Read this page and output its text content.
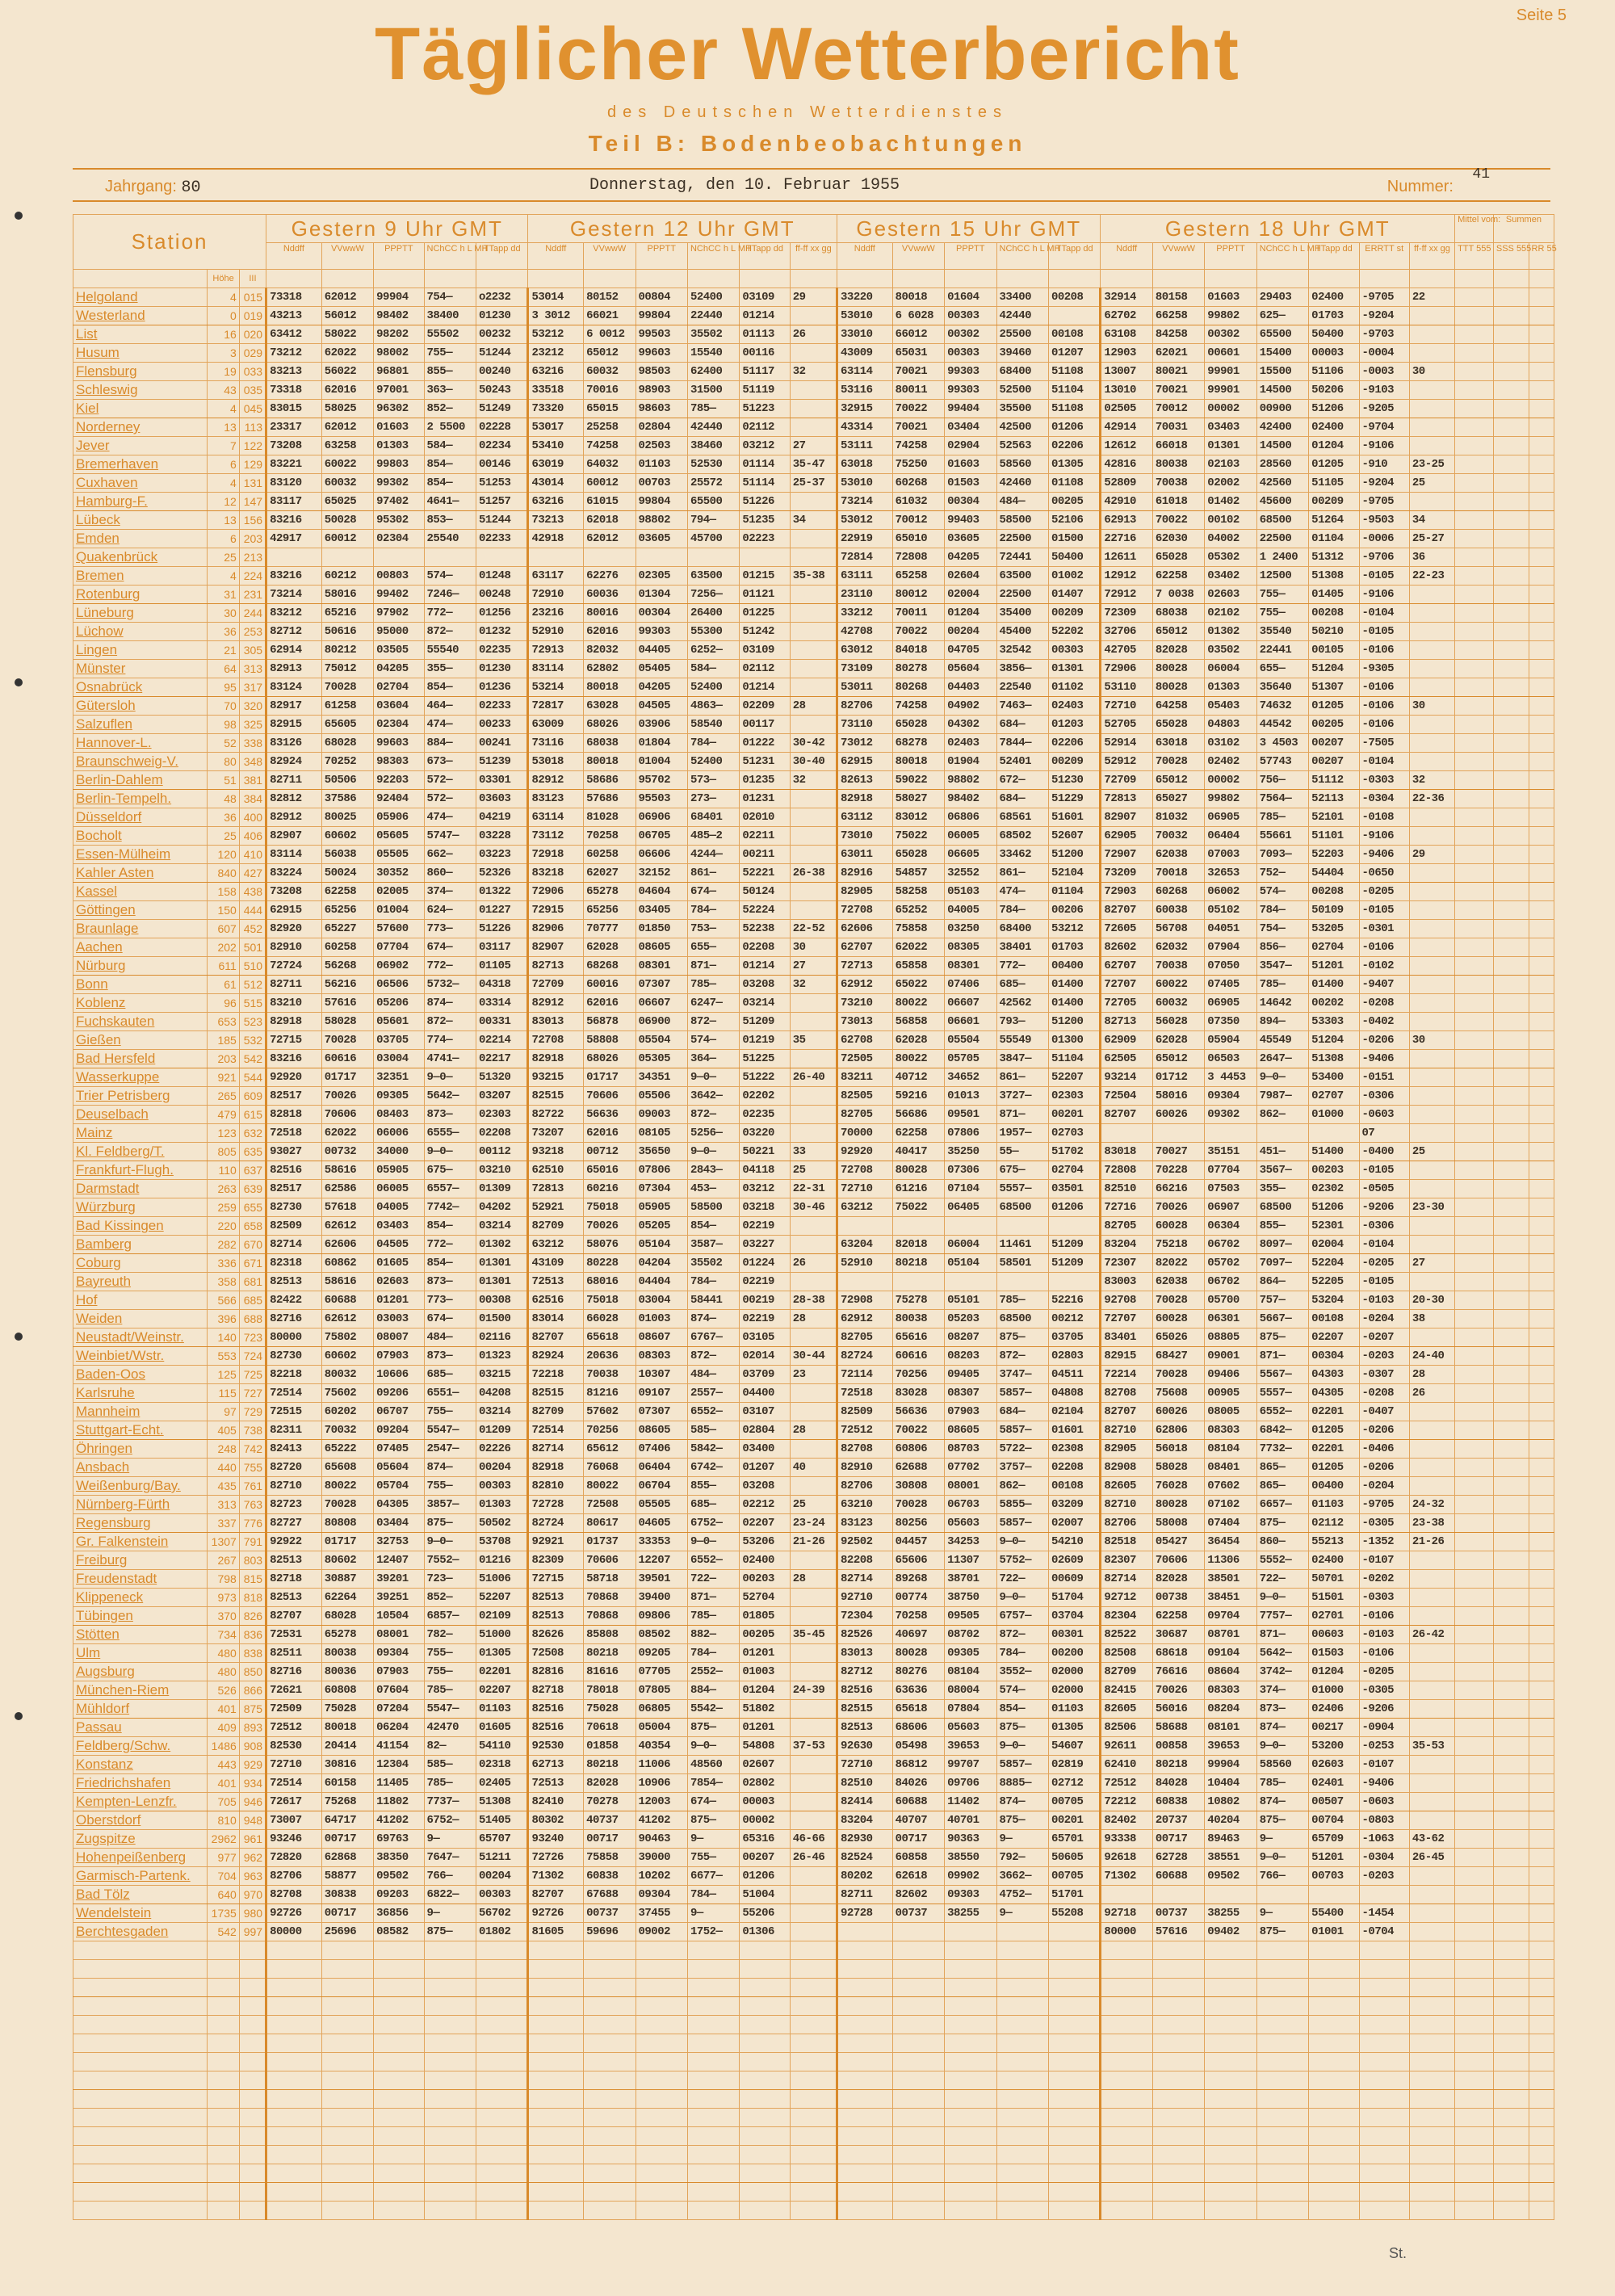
Seite 5
Täglicher Wetterbericht
des Deutschen Wetterdienstes
Teil B: Bodenbeobachtungen
Jahrgang: 80	Donnerstag, den 10. Februar 1955	Nummer:
41
Station			Gestern 9 Uhr GMT					Gestern 12 Uhr GMT						Gestern 15 Uhr GMT					Gestern 18 Uhr GMT							Mittel vom:	Summen	
			Nddff	VVwwW	PPPTT	NChCC h L MH	TTapp dd	Nddff	VVwwW	PPPTT	NChCC h L MH	TTapp dd	ff-ff xx gg	Nddff	VVwwW	PPPTT	NChCC h L MH	TTapp dd	Nddff	VVwwW	PPPTT	NChCC h L MH	TTapp dd	ERRTT st	ff-ff xx gg	TTT 555	SSS 555	RR 55
	Höhe	III																										
Helgoland	4	015	73318	62012	99904	754—	o2232	53014	80152	00804	52400	03109	29	33220	80018	01604	33400	00208	32914	80158	01603	29403	02400	-9705	22			
Westerland	0	019	43213	56012	98402	38400	01230	3 3012	66021	99804	22440	01214		53010	6 6028	00303	42440		62702	66258	99802	625—	01703	-9204				
List	16	020	63412	58022	98202	55502	00232	53212	6 0012	99503	35502	01113	26	33010	66012	00302	25500	00108	63108	84258	00302	65500	50400	-9703				
Husum	3	029	73212	62022	98002	755—	51244	23212	65012	99603	15540	00116		43009	65031	00303	39460	01207	12903	62021	00601	15400	00003	-0004				
Flensburg	19	033	83213	56022	96801	855—	00240	63216	60032	98503	62400	51117	32	63114	70021	99303	68400	51108	13007	80021	99901	15500	51106	-0003	30			
Schleswig	43	035	73318	62016	97001	363—	50243	33518	70016	98903	31500	51119		53116	80011	99303	52500	51104	13010	70021	99901	14500	50206	-9103				
Kiel	4	045	83015	58025	96302	852—	51249	73320	65015	98603	785—	51223		32915	70022	99404	35500	51108	02505	70012	00002	00900	51206	-9205				
Norderney	13	113	23317	62012	01603	2 5500	02228	53017	25258	02804	42440	02112		43314	70021	03404	42500	01206	42914	70031	03403	42400	02400	-9704				
Jever	7	122	73208	63258	01303	584—	02234	53410	74258	02503	38460	03212	27	53111	74258	02904	52563	02206	12612	66018	01301	14500	01204	-9106				
Bremerhaven	6	129	83221	60022	99803	854—	00146	63019	64032	01103	52530	01114	35-47	63018	75250	01603	58560	01305	42816	80038	02103	28560	01205	-910	23-25			
Cuxhaven	4	131	83120	60032	99302	854—	51253	43014	60012	00703	25572	51114	25-37	53010	60268	01503	42460	01108	52809	70038	02002	42560	51105	-9204	25			
Hamburg-F.	12	147	83117	65025	97402	4641—	51257	63216	61015	99804	65500	51226		73214	61032	00304	484—	00205	42910	61018	01402	45600	00209	-9705				
Lübeck	13	156	83216	50028	95302	853—	51244	73213	62018	98802	794—	51235	34	53012	70012	99403	58500	52106	62913	70022	00102	68500	51264	-9503	34			
Emden	6	203	42917	60012	02304	25540	02233	42918	62012	03605	45700	02223		22919	65010	03605	22500	01500	22716	62030	04002	22500	01104	-0006	25-27			
Quakenbrück	25	213												72814	72808	04205	72441	50400	12611	65028	05302	1 2400	51312	-9706	36			
Bremen	4	224	83216	60212	00803	574—	01248	63117	62276	02305	63500	01215	35-38	63111	65258	02604	63500	01002	12912	62258	03402	12500	51308	-0105	22-23			
Rotenburg	31	231	73214	58016	99402	7246—	00248	72910	60036	01304	7256—	01121		23110	80012	02004	22500	01407	72912	7 0038	02603	755—	01405	-9106				
Lüneburg	30	244	83212	65216	97902	772—	01256	23216	80016	00304	26400	01225		33212	70011	01204	35400	00209	72309	68038	02102	755—	00208	-0104				
Lüchow	36	253	82712	50616	95000	872—	01232	52910	62016	99303	55300	51242		42708	70022	00204	45400	52202	32706	65012	01302	35540	50210	-0105				
Lingen	21	305	62914	80212	03505	55540	02235	72913	82032	04405	6252—	03109		63012	84018	04705	32542	00303	42705	82028	03502	22441	00105	-0106				
Münster	64	313	82913	75012	04205	355—	01230	83114	62802	05405	584—	02112		73109	80278	05604	3856—	01301	72906	80028	06004	655—	51204	-9305				
Osnabrück	95	317	83124	70028	02704	854—	01236	53214	80018	04205	52400	01214		53011	80268	04403	22540	01102	53110	80028	01303	35640	51307	-0106				
Gütersloh	70	320	82917	61258	03604	464—	02233	72817	63028	04505	4863—	02209	28	82706	74258	04902	7463—	02403	72710	64258	05403	74632	01205	-0106	30			
Salzuflen	98	325	82915	65605	02304	474—	00233	63009	68026	03906	58540	00117		73110	65028	04302	684—	01203	52705	65028	04803	44542	00205	-0106				
Hannover-L.	52	338	83126	68028	99603	884—	00241	73116	68038	01804	784—	01222	30-42	73012	68278	02403	7844—	02206	52914	63018	03102	3 4503	00207	-7505				
Braunschweig-V.	80	348	82924	70252	98303	673—	51239	53018	80018	01004	52400	51231	30-40	62915	80018	01904	52401	00209	52912	70028	02402	57743	00207	-0104				
Berlin-Dahlem	51	381	82711	50506	92203	572—	03301	82912	58686	95702	573—	01235	32	82613	59022	98802	672—	51230	72709	65012	00002	756—	51112	-0303	32			
Berlin-Tempelh.	48	384	82812	37586	92404	572—	03603	83123	57686	95503	273—	01231		82918	58027	98402	684—	51229	72813	65027	99802	7564—	52113	-0304	22-36			
Düsseldorf	36	400	82912	80025	05906	474—	04219	63114	81028	06906	68401	02010		63112	83012	06806	68561	51601	82907	81032	06905	785—	52101	-0108				
Bocholt	25	406	82907	60602	05605	5747—	03228	73112	70258	06705	485—2	02211		73010	75022	06005	68502	52607	62905	70032	06404	55661	51101	-9106				
Essen-Mülheim	120	410	83114	56038	05505	662—	03223	72918	60258	06606	4244—	00211		63011	65028	06605	33462	51200	72907	62038	07003	7093—	52203	-9406	29			
Kahler Asten	840	427	83224	50024	30352	860—	52326	83218	62027	32152	861—	52221	26-38	82916	54857	32552	861—	52104	73209	70018	32653	752—	54404	-0650				
Kassel	158	438	73208	62258	02005	374—	01322	72906	65278	04604	674—	50124		82905	58258	05103	474—	01104	72903	60268	06002	574—	00208	-0205				
Göttingen	150	444	62915	65256	01004	624—	01227	72915	65256	03405	784—	52224		72708	65252	04005	784—	00206	82707	60038	05102	784—	50109	-0105				
Braunlage	607	452	82920	65227	57600	773—	51226	82906	70777	01850	753—	52238	22-52	62606	75858	03250	68400	53212	72605	56708	04051	754—	53205	-0301				
Aachen	202	501	82910	60258	07704	674—	03117	82907	62028	08605	655—	02208	30	62707	62022	08305	38401	01703	82602	62032	07904	856—	02704	-0106				
Nürburg	611	510	72724	56268	06902	772—	01105	82713	68268	08301	871—	01214	27	72713	65858	08301	772—	00400	62707	70038	07050	3547—	51201	-0102				
Bonn	61	512	82711	56216	06506	5732—	04318	72709	60016	07307	785—	03208	32	62912	65022	07406	685—	01400	72707	60022	07405	785—	01400	-9407				
Koblenz	96	515	83210	57616	05206	874—	03314	82912	62016	06607	6247—	03214		73210	80022	06607	42562	01400	72705	60032	06905	14642	00202	-0208				
Fuchskauten	653	523	82918	58028	05601	872—	00331	83013	56878	06900	872—	51209		73013	56858	06601	793—	51200	82713	56028	07350	894—	53303	-0402				
Gießen	185	532	72715	70028	03705	774—	02214	72708	58808	05504	574—	01219	35	62708	62028	05504	55549	01300	62909	62028	05904	45549	51204	-0206	30			
Bad Hersfeld	203	542	83216	60616	03004	4741—	02217	82918	68026	05305	364—	51225		72505	80022	05705	3847—	51104	62505	65012	06503	2647—	51308	-9406				
Wasserkuppe	921	544	92920	01717	32351	9—0—	51320	93215	01717	34351	9—0—	51222	26-40	83211	40712	34652	861—	52207	93214	01712	3 4453	9—0—	53400	-0151				
Trier Petrisberg	265	609	82517	70026	09305	5642—	03207	82515	70606	05506	3642—	02202		82505	59216	01013	3727—	02303	72504	58016	09304	7987—	02707	-0306				
Deuselbach	479	615	82818	70606	08403	873—	02303	82722	56636	09003	872—	02235		82705	56686	09501	871—	00201	82707	60026	09302	862—	01000	-0603				
Mainz	123	632	72518	62022	06006	6555—	02208	73207	62016	08105	5256—	03220		70000	62258	07806	1957—	02703						07				
Kl. Feldberg/T.	805	635	93027	00732	34000	9—0—	00112	93218	00712	35650	9—0—	50221	33	92920	40417	35250	55—	51702	83018	70027	35151	451—	51400	-0400	25			
Frankfurt-Flugh.	110	637	82516	58616	05905	675—	03210	62510	65016	07806	2843—	04118	25	72708	80028	07306	675—	02704	72808	70228	07704	3567—	00203	-0105				
Darmstadt	263	639	82517	62586	06005	6557—	01309	72813	60216	07304	453—	03212	22-31	72710	61216	07104	5557—	03501	82510	66216	07503	355—	02302	-0505				
Würzburg	259	655	82730	57618	04005	7742—	04202	52921	75018	05905	58500	03218	30-46	63212	75022	06405	68500	01206	72716	70026	06907	68500	51206	-9206	23-30			
Bad Kissingen	220	658	82509	62612	03403	854—	03214	82709	70026	05205	854—	02219							82705	60028	06304	855—	52301	-0306				
Bamberg	282	670	82714	62606	04505	772—	01302	63212	58076	05104	3587—	03227		63204	82018	06004	11461	51209	83204	75218	06702	8097—	02004	-0104				
Coburg	336	671	82318	60862	01605	854—	01301	43109	80228	04204	35502	01224	26	52910	80218	05104	58501	51209	72307	82022	05702	7097—	52204	-0205	27			
Bayreuth	358	681	82513	58616	02603	873—	01301	72513	68016	04404	784—	02219							83003	62038	06702	864—	52205	-0105				
Hof	566	685	82422	60688	01201	773—	00308	62516	75018	03004	58441	00219	28-38	72908	75278	05101	785—	52216	92708	70028	05700	757—	53204	-0103	20-30			
Weiden	396	688	82716	62612	03003	674—	01500	83014	66028	01003	874—	02219	28	62912	80038	05203	68500	00212	72707	60028	06301	5667—	00108	-0204	38			
Neustadt/Weinstr.	140	723	80000	75802	08007	484—	02116	82707	65618	08607	6767—	03105		82705	65616	08207	875—	03705	83401	65026	08805	875—	02207	-0207				
Weinbiet/Wstr.	553	724	82730	60602	07903	873—	01323	82924	20636	08303	872—	02014	30-44	82724	60616	08203	872—	02803	82915	68427	09001	871—	00304	-0203	24-40			
Baden-Oos	125	725	82218	80032	10606	685—	03215	72218	70038	10307	484—	03709	23	72114	70256	09405	3747—	04511	72214	70028	09406	5567—	04303	-0307	28			
Karlsruhe	115	727	72514	75602	09206	6551—	04208	82515	81216	09107	2557—	04400		72518	83028	08307	5857—	04808	82708	75608	00905	5557—	04305	-0208	26			
Mannheim	97	729	72515	60202	06707	755—	03214	82709	57602	07307	6552—	03107		82509	56636	07903	684—	02104	82707	60026	08005	6552—	02201	-0407				
Stuttgart-Echt.	405	738	82311	70032	09204	5547—	01209	72514	70256	08605	585—	02804	28	72512	70022	08605	5857—	01601	82710	62806	08303	6842—	01205	-0206				
Öhringen	248	742	82413	65222	07405	2547—	02226	82714	65612	07406	5842—	03400		82708	60806	08703	5722—	02308	82905	56018	08104	7732—	02201	-0406				
Ansbach	440	755	82720	65608	05604	874—	00204	82918	76068	06404	6742—	01207	40	82910	62688	07702	3757—	02208	82908	58028	08401	865—	01205	-0206				
Weißenburg/Bay.	435	761	82710	80022	05704	755—	00303	82810	80022	06704	855—	03208		82706	30808	08001	862—	00108	82605	76028	07602	865—	00400	-0204				
Nürnberg-Fürth	313	763	82723	70028	04305	3857—	01303	72728	72508	05505	685—	02212	25	63210	70028	06703	5855—	03209	82710	80028	07102	6657—	01103	-9705	24-32			
Regensburg	337	776	82727	80808	03404	875—	50502	82724	80617	04605	6752—	02207	23-24	83123	80256	05603	5857—	02007	82706	58008	07404	875—	02112	-0305	23-38			
Gr. Falkenstein	1307	791	92922	01717	32753	9—0—	53708	92921	01737	33353	9—0—	53206	21-26	92502	04457	34253	9—0—	54210	82518	05427	36454	860—	55213	-1352	21-26			
Freiburg	267	803	82513	80602	12407	7552—	01216	82309	70606	12207	6552—	02400		82208	65606	11307	5752—	02609	82307	70606	11306	5552—	02400	-0107				
Freudenstadt	798	815	82718	30887	39201	723—	51006	72715	58718	39501	722—	00203	28	82714	89268	38701	722—	00609	82714	82028	38501	722—	50701	-0202				
Klippeneck	973	818	82513	62264	39251	852—	52207	82513	70868	39400	871—	52704		92710	00774	38750	9—0—	51704	92712	00738	38451	9—0—	51501	-0303				
Tübingen	370	826	82707	68028	10504	6857—	02109	82513	70868	09806	785—	01805		72304	70258	09505	6757—	03704	82304	62258	09704	7757—	02701	-0106				
Stötten	734	836	72531	65278	08001	782—	51000	82626	85808	08502	882—	00205	35-45	82526	40697	08702	872—	00301	82522	30687	08701	871—	00603	-0103	26-42			
Ulm	480	838	82511	80038	09304	755—	01305	72508	80218	09205	784—	01201		83013	80028	09305	784—	00200	82508	68618	09104	5642—	01503	-0106				
Augsburg	480	850	82716	80036	07903	755—	02201	82816	81616	07705	2552—	01003		82712	80276	08104	3552—	02000	82709	76616	08604	3742—	01204	-0205				
München-Riem	526	866	72621	60808	07604	785—	02207	82718	78018	07805	884—	01204	24-39	82516	63636	08004	574—	02000	82415	70026	08303	374—	01000	-0305				
Mühldorf	401	875	72509	75028	07204	5547—	01103	82516	75028	06805	5542—	51802		82515	65618	07804	854—	01103	82605	56016	08204	873—	02406	-9206				
Passau	409	893	72512	80018	06204	42470	01605	82516	70618	05004	875—	01201		82513	68606	05603	875—	01305	82506	58688	08101	874—	00217	-0904				
Feldberg/Schw.	1486	908	82530	20414	41154	82—	54110	92530	01858	40354	9—0—	54808	37-53	92630	05498	39653	9—0—	54607	92611	00858	39653	9—0—	53200	-0253	35-53			
Konstanz	443	929	72710	30816	12304	585—	02318	62713	80218	11006	48560	02607		72710	86812	99707	5857—	02819	62410	80218	99904	58560	02603	-0107				
Friedrichshafen	401	934	72514	60158	11405	785—	02405	72513	82028	10906	7854—	02802		82510	84026	09706	8885—	02712	72512	84028	10404	785—	02401	-9406				
Kempten-Lenzfr.	705	946	72617	75268	11802	7737—	51308	82410	70278	12003	674—	00003		82414	60688	11402	874—	00705	72212	60838	10802	874—	00507	-0603				
Oberstdorf	810	948	73007	64717	41202	6752—	51405	80302	40737	41202	875—	00002		83204	40707	40701	875—	00201	82402	20737	40204	875—	00704	-0803				
Zugspitze	2962	961	93246	00717	69763	9—	65707	93240	00717	90463	9—	65316	46-66	82930	00717	90363	9—	65701	93338	00717	89463	9—	65709	-1063	43-62			
Hohenpeißenberg	977	962	72820	62868	38350	7647—	51211	72726	75858	39000	755—	00207	26-46	82524	60858	38550	792—	50605	92618	62728	38551	9—0—	51201	-0304	26-45			
Garmisch-Partenk.	704	963	82706	58877	09502	766—	00204	71302	60838	10202	6677—	01206		80202	62618	09902	3662—	00705	71302	60688	09502	766—	00703	-0203				
Bad Tölz	640	970	82708	30838	09203	6822—	00303	82707	67688	09304	784—	51004		82711	82602	09303	4752—	51701										
Wendelstein	1735	980	92726	00717	36856	9—	56702	92726	00737	37455	9—	55206		92728	00737	38255	9—	55208	92718	00737	38255	9—	55400	-1454				
Berchtesgaden	542	997	80000	25696	08582	875—	01802	81605	59696	09002	1752—	01306							80000	57616	09402	875—	01001	-0704				

St.
